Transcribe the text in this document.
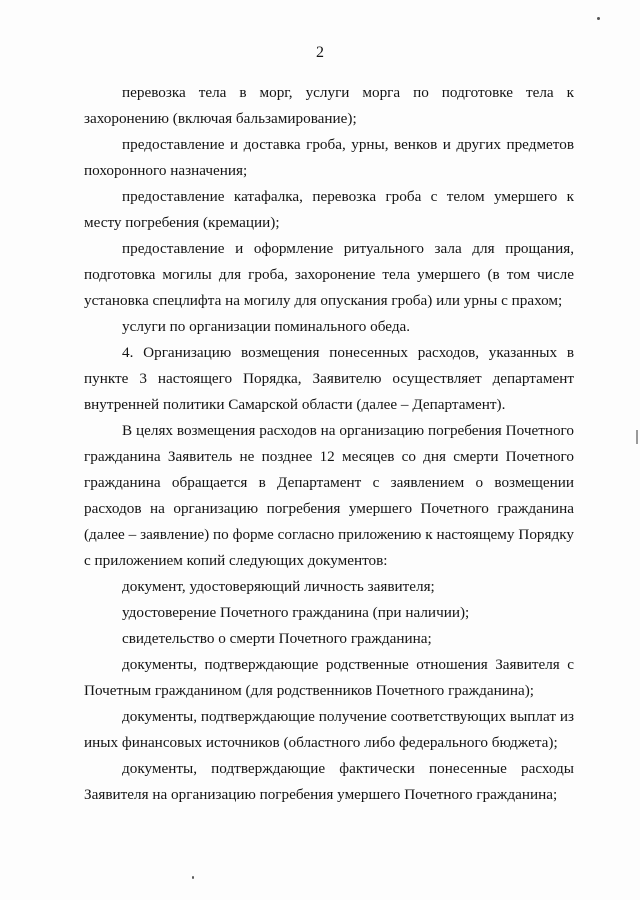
2

перевозка тела в морг, услуги морга по подготовке тела к захоронению (включая бальзамирование);

предоставление и доставка гроба, урны, венков и других предметов похоронного назначения;

предоставление катафалка, перевозка гроба с телом умершего к месту погребения (кремации);

предоставление и оформление ритуального зала для прощания, подготовка могилы для гроба, захоронение тела умершего (в том числе установка спецлифта на могилу для опускания гроба) или урны с прахом;

услуги по организации поминального обеда.

4. Организацию возмещения понесенных расходов, указанных в пункте 3 настоящего Порядка, Заявителю осуществляет департамент внутренней политики Самарской области (далее – Департамент).

В целях возмещения расходов на организацию погребения Почетного гражданина Заявитель не позднее 12 месяцев со дня смерти Почетного гражданина обращается в Департамент с заявлением о возмещении расходов на организацию погребения умершего Почетного гражданина (далее – заявление) по форме согласно приложению к настоящему Порядку с приложением копий следующих документов:

документ, удостоверяющий личность заявителя;

удостоверение Почетного гражданина (при наличии);

свидетельство о смерти Почетного гражданина;

документы, подтверждающие родственные отношения Заявителя с Почетным гражданином (для родственников Почетного гражданина);

документы, подтверждающие получение соответствующих выплат из иных финансовых источников (областного либо федерального бюджета);

документы, подтверждающие фактически понесенные расходы Заявителя на организацию погребения умершего Почетного гражданина;
